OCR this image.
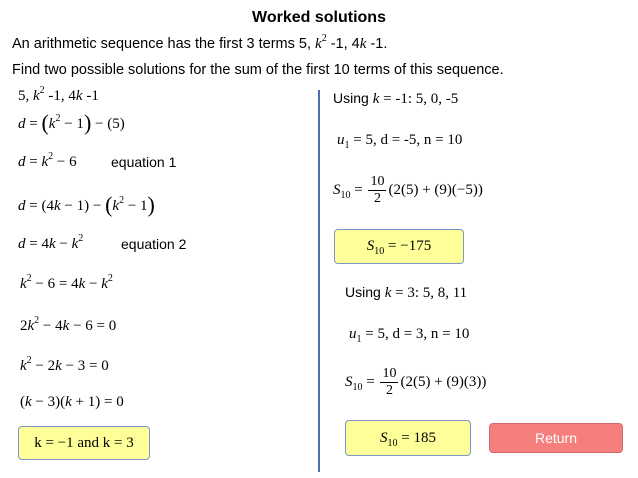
Worked solutions
An arithmetic sequence has the first 3 terms 5, $k^2$ -1, 4k -1.
Find two possible solutions for the sum of the first 10 terms of this sequence.
5, $k^2$ -1, 4k -1
$d = (k^2 - 1) - (5)$
$d = k^2 - 6$ equation 1
$d = (4k - 1) - (k^2 - 1)$
$d = 4k - k^2$	equation 2
$k^2 - 6 = 4k - k^2$
$2k^2 - 4k - 6 = 0$
$k^2 - 2k - 3 = 0$
(k − 3)(k + 1) = 0
k = −1 and k = 3
Using k = -1: 5, 0, -5
$u_1 = 5$, d = -5, n = 10
$S_{10} = \frac{10}{2} (2(5) + (9)(-5))$
$S_{10} = -175$
Using k = 3: 5, 8, 11
$u_1 = 5$, d = 3, n = 10
$S_{10} = \frac{10}{2} (2(5) + (9)(3))$
$S_{10} = 185$	Return
